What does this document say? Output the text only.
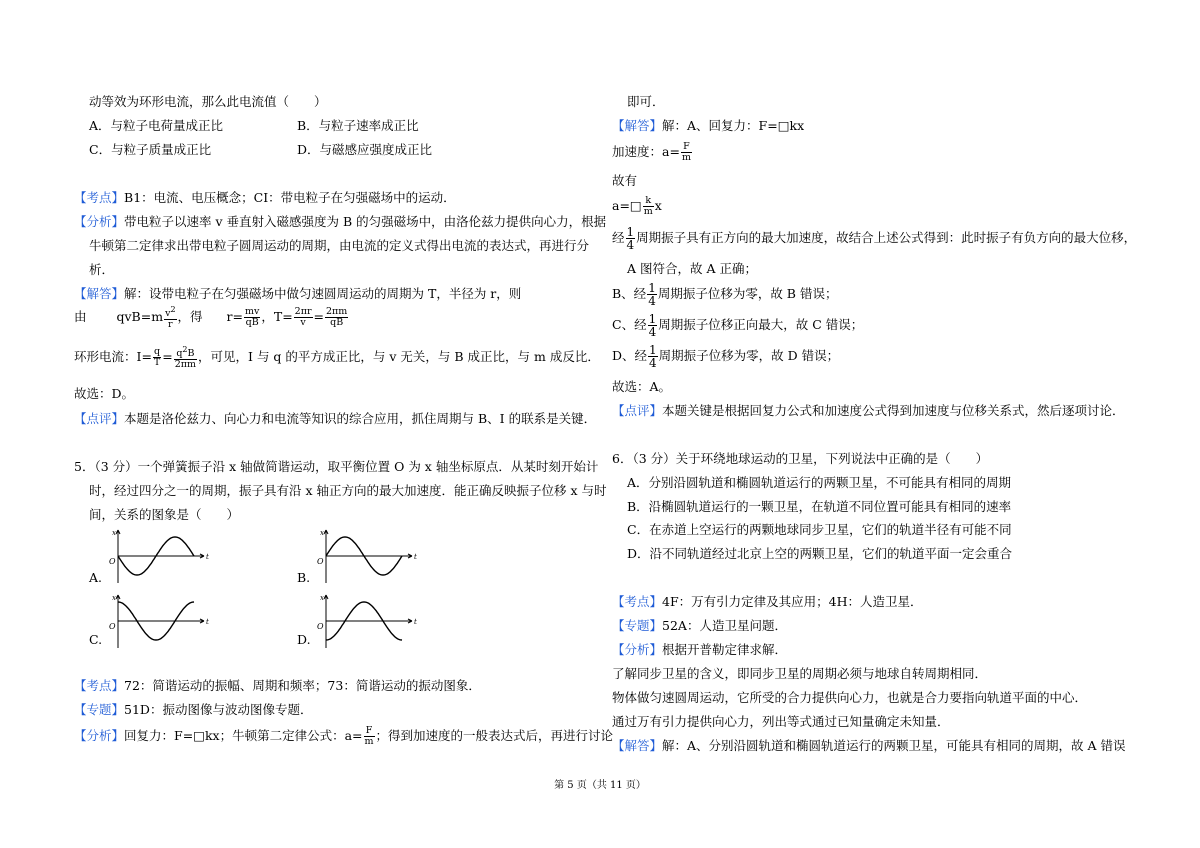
动等效为环形电流，那么此电流值（　　）
A．与粒子电荷量成正比	B．与粒子速率成正比
C．与粒子质量成正比	D．与磁感应强度成正比
【考点】B1：电流、电压概念；CI：带电粒子在匀强磁场中的运动．
【分析】带电粒子以速率 v 垂直射入磁感强度为 B 的匀强磁场中，由洛伦兹力提供向心力，根据
牛顿第二定律求出带电粒子圆周运动的周期，由电流的定义式得出电流的表达式，再进行分
析．
【解答】解：设带电粒子在匀强磁场中做匀速圆周运动的周期为 T，半径为 r，则
由 $qvB=m \frac{v^2}{r}$ ，得 $r= \frac{mv}{qB}$ ，$T= \frac{2\pi r}{v} = \frac{2\pi m}{qB}$
环形电流：$I= \frac{q}{T} = \frac{q^2B}{2\pi m}$ ，可见，I 与 q 的平方成正比，与 v 无关，与 B 成正比，与 m 成反比．
故选：D。
【点评】本题是洛伦兹力、向心力和电流等知识的综合应用，抓住周期与 B、I 的联系是关键．
5．（3 分）一个弹簧振子沿 x 轴做简谐运动，取平衡位置 O 为 x 轴坐标原点．从某时刻开始计
时，经过四分之一的周期，振子具有沿 x 轴正方向的最大加速度．能正确反映振子位移 x 与时
间，关系的图象是（　　）
A.
x
t
O
B.
x
t
O
C.
x
t
O
D.
x
t
O
【考点】72：简谐运动的振幅、周期和频率；73：简谐运动的振动图象．
【专题】51D：振动图像与波动图像专题．
【分析】回复力：F=□kx；牛顿第二定律公式：$a= \frac{F}{m}$ ；得到加速度的一般表达式后，再进行讨论
即可．
【解答】解：A、回复力：F=□kx
加速度：$a= \frac{F}{m}$
故有
a=□ $\frac{k}{m}$ x
经 $\frac{1}{4}$ 周期振子具有正方向的最大加速度，故结合上述公式得到：此时振子有负方向的最大位移，
A 图符合，故 A 正确；
B、经 $\frac{1}{4}$ 周期振子位移为零，故 B 错误；
C、经 $\frac{1}{4}$ 周期振子位移正向最大，故 C 错误；
D、经 $\frac{1}{4}$ 周期振子位移为零，故 D 错误；
故选：A。
【点评】本题关键是根据回复力公式和加速度公式得到加速度与位移关系式，然后逐项讨论．
6．（3 分）关于环绕地球运动的卫星，下列说法中正确的是（　　）
A．分别沿圆轨道和椭圆轨道运行的两颗卫星，不可能具有相同的周期
B．沿椭圆轨道运行的一颗卫星，在轨道不同位置可能具有相同的速率
C．在赤道上空运行的两颗地球同步卫星，它们的轨道半径有可能不同
D．沿不同轨道经过北京上空的两颗卫星，它们的轨道平面一定会重合
【考点】4F：万有引力定律及其应用；4H：人造卫星．
【专题】52A：人造卫星问题．
【分析】根据开普勒定律求解．
了解同步卫星的含义，即同步卫星的周期必须与地球自转周期相同．
物体做匀速圆周运动，它所受的合力提供向心力，也就是合力要指向轨道平面的中心．
通过万有引力提供向心力，列出等式通过已知量确定未知量．
【解答】解：A、分别沿圆轨道和椭圆轨道运行的两颗卫星，可能具有相同的周期，故 A 错误
第 5 页（共 11 页）
